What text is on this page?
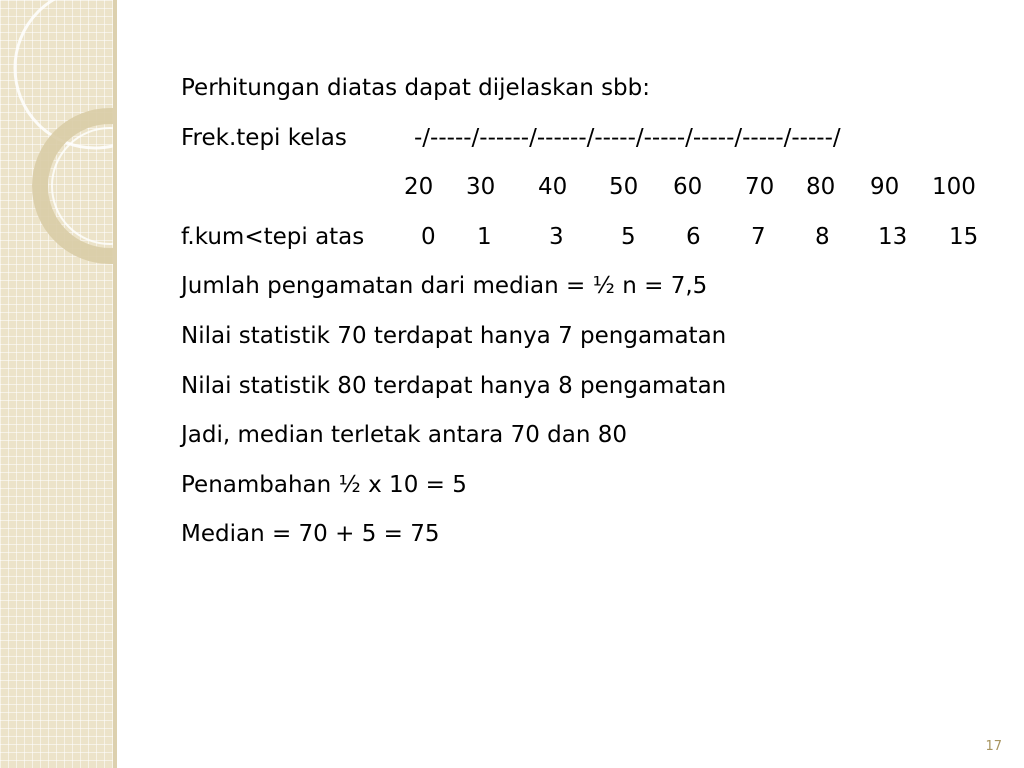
Perhitungan diatas dapat dijelaskan sbb:
Frek.tepi kelas	-/-----/------/------/-----/-----/-----/-----/-----/
20 30 40 50 60 70 80 90 100
f.kum<tepi atas 0 1 3 5 6 7 8 13 15
Jumlah pengamatan dari median = ½ n = 7,5
Nilai statistik 70 terdapat hanya 7 pengamatan
Nilai statistik 80 terdapat hanya 8 pengamatan
Jadi, median terletak antara 70 dan 80
Penambahan ½ x 10 = 5
Median = 70 + 5 = 75
17
